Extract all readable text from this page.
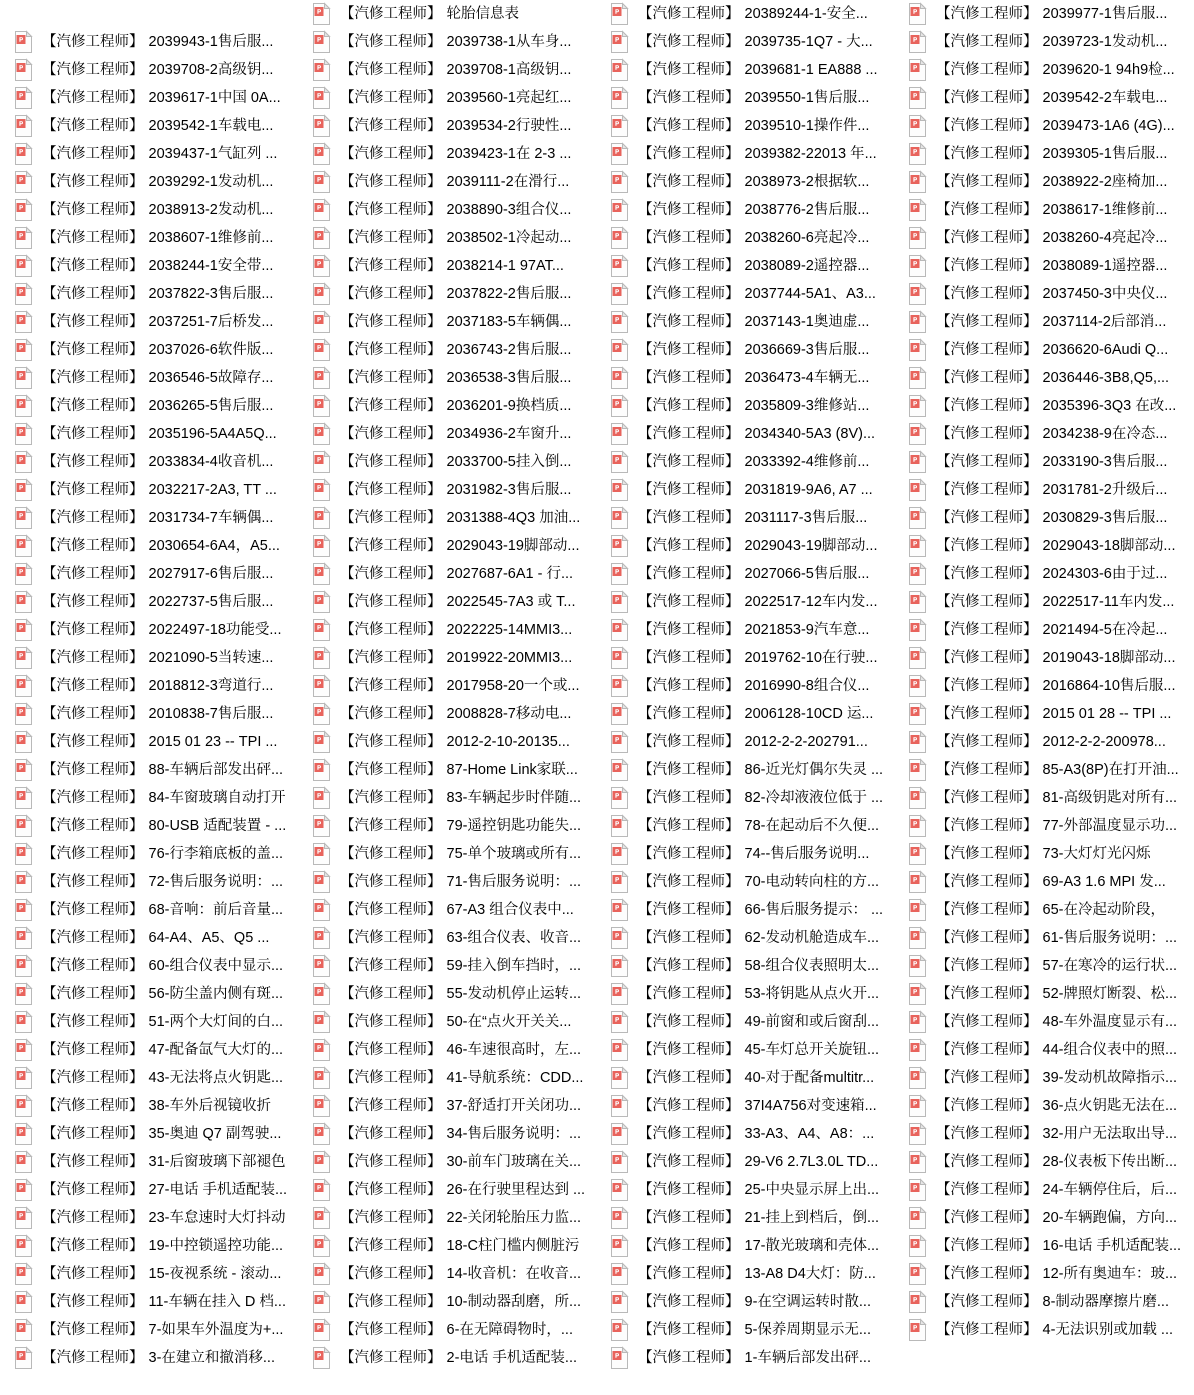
【汽修工程师】 2039943-1售后服...
【汽修工程师】 2039708-2高级钥...
【汽修工程师】 2039617-1中国 0A...
【汽修工程师】 2039542-1车载电...
【汽修工程师】 2039437-1气缸列 ...
【汽修工程师】 2039292-1发动机...
【汽修工程师】 2038913-2发动机...
【汽修工程师】 2038607-1维修前...
【汽修工程师】 2038244-1安全带...
【汽修工程师】 2037822-3售后服...
【汽修工程师】 2037251-7后桥发...
【汽修工程师】 2037026-6软件版...
【汽修工程师】 2036546-5故障存...
【汽修工程师】 2036265-5售后服...
【汽修工程师】 2035196-5A4A5Q...
【汽修工程师】 2033834-4收音机...
【汽修工程师】 2032217-2A3, TT ...
【汽修工程师】 2031734-7车辆偶...
【汽修工程师】 2030654-6A4，A5...
【汽修工程师】 2027917-6售后服...
【汽修工程师】 2022737-5售后服...
【汽修工程师】 2022497-18功能受...
【汽修工程师】 2021090-5当转速...
【汽修工程师】 2018812-3弯道行...
【汽修工程师】 2010838-7售后服...
【汽修工程师】 2015 01 23 -- TPI ...
【汽修工程师】 88-车辆后部发出砰...
【汽修工程师】 84-车窗玻璃自动打开
【汽修工程师】 80-USB 适配装置 - ...
【汽修工程师】 76-行李箱底板的盖...
【汽修工程师】 72-售后服务说明：...
【汽修工程师】 68-音响：前后音量...
【汽修工程师】 64-A4、A5、Q5 ...
【汽修工程师】 60-组合仪表中显示...
【汽修工程师】 56-防尘盖内侧有斑...
【汽修工程师】 51-两个大灯间的白...
【汽修工程师】 47-配备氙气大灯的...
【汽修工程师】 43-无法将点火钥匙...
【汽修工程师】 38-车外后视镜收折
【汽修工程师】 35-奥迪 Q7 副驾驶...
【汽修工程师】 31-后窗玻璃下部褪色
【汽修工程师】 27-电话 手机适配装...
【汽修工程师】 23-车怠速时大灯抖动
【汽修工程师】 19-中控锁遥控功能...
【汽修工程师】 15-夜视系统 - 滚动...
【汽修工程师】 11-车辆在挂入 D 档...
【汽修工程师】 7-如果车外温度为+...
【汽修工程师】 3-在建立和撤消移...
【汽修工程师】 轮胎信息表
【汽修工程师】 2039738-1从车身...
【汽修工程师】 2039708-1高级钥...
【汽修工程师】 2039560-1亮起红...
【汽修工程师】 2039534-2行驶性...
【汽修工程师】 2039423-1在 2-3 ...
【汽修工程师】 2039111-2在滑行...
【汽修工程师】 2038890-3组合仪...
【汽修工程师】 2038502-1冷起动...
【汽修工程师】 2038214-1 97AT...
【汽修工程师】 2037822-2售后服...
【汽修工程师】 2037183-5车辆偶...
【汽修工程师】 2036743-2售后服...
【汽修工程师】 2036538-3售后服...
【汽修工程师】 2036201-9换档质...
【汽修工程师】 2034936-2车窗升...
【汽修工程师】 2033700-5挂入倒...
【汽修工程师】 2031982-3售后服...
【汽修工程师】 2031388-4Q3 加油...
【汽修工程师】 2029043-19脚部动...
【汽修工程师】 2027687-6A1 - 行...
【汽修工程师】 2022545-7A3 或 T...
【汽修工程师】 2022225-14MMI3...
【汽修工程师】 2019922-20MMI3...
【汽修工程师】 2017958-20一个或...
【汽修工程师】 2008828-7移动电...
【汽修工程师】 2012-2-10-20135...
【汽修工程师】 87-Home Link家联...
【汽修工程师】 83-车辆起步时伴随...
【汽修工程师】 79-遥控钥匙功能失...
【汽修工程师】 75-单个玻璃或所有...
【汽修工程师】 71-售后服务说明：...
【汽修工程师】 67-A3 组合仪表中...
【汽修工程师】 63-组合仪表、收音...
【汽修工程师】 59-挂入倒车挡时，...
【汽修工程师】 55-发动机停止运转...
【汽修工程师】 50-在“点火开关关...
【汽修工程师】 46-车速很高时，左...
【汽修工程师】 41-导航系统：CDD...
【汽修工程师】 37-舒适打开关闭功...
【汽修工程师】 34-售后服务说明：...
【汽修工程师】 30-前车门玻璃在关...
【汽修工程师】 26-在行驶里程达到 ...
【汽修工程师】 22-关闭轮胎压力监...
【汽修工程师】 18-C柱门槛内侧脏污
【汽修工程师】 14-收音机：在收音...
【汽修工程师】 10-制动器刮磨，所...
【汽修工程师】 6-在无障碍物时，...
【汽修工程师】 2-电话 手机适配装...
【汽修工程师】 20389244-1-安全...
【汽修工程师】 2039735-1Q7 - 大...
【汽修工程师】 2039681-1 EA888 ...
【汽修工程师】 2039550-1售后服...
【汽修工程师】 2039510-1操作件...
【汽修工程师】 2039382-22013 年...
【汽修工程师】 2038973-2根据软...
【汽修工程师】 2038776-2售后服...
【汽修工程师】 2038260-6亮起冷...
【汽修工程师】 2038089-2遥控器...
【汽修工程师】 2037744-5A1、A3...
【汽修工程师】 2037143-1奥迪虚...
【汽修工程师】 2036669-3售后服...
【汽修工程师】 2036473-4车辆无...
【汽修工程师】 2035809-3维修站...
【汽修工程师】 2034340-5A3 (8V)...
【汽修工程师】 2033392-4维修前...
【汽修工程师】 2031819-9A6, A7 ...
【汽修工程师】 2031117-3售后服...
【汽修工程师】 2029043-19脚部动...
【汽修工程师】 2027066-5售后服...
【汽修工程师】 2022517-12车内发...
【汽修工程师】 2021853-9汽车意...
【汽修工程师】 2019762-10在行驶...
【汽修工程师】 2016990-8组合仪...
【汽修工程师】 2006128-10CD 运...
【汽修工程师】 2012-2-2-202791...
【汽修工程师】 86-近光灯偶尔失灵 ...
【汽修工程师】 82-冷却液液位低于 ...
【汽修工程师】 78-在起动后不久便...
【汽修工程师】 74--售后服务说明...
【汽修工程师】 70-电动转向柱的方...
【汽修工程师】 66-售后服务提示： ...
【汽修工程师】 62-发动机舱造成车...
【汽修工程师】 58-组合仪表照明太...
【汽修工程师】 53-将钥匙从点火开...
【汽修工程师】 49-前窗和或后窗刮...
【汽修工程师】 45-车灯总开关旋钮...
【汽修工程师】 40-对于配备multitr...
【汽修工程师】 37I4A756对变速箱...
【汽修工程师】 33-A3、A4、A8：...
【汽修工程师】 29-V6 2.7L3.0L TD...
【汽修工程师】 25-中央显示屏上出...
【汽修工程师】 21-挂上到档后，倒...
【汽修工程师】 17-散光玻璃和壳体...
【汽修工程师】 13-A8 D4大灯：防...
【汽修工程师】 9-在空调运转时散...
【汽修工程师】 5-保养周期显示无...
【汽修工程师】 1-车辆后部发出砰...
【汽修工程师】 2039977-1售后服...
【汽修工程师】 2039723-1发动机...
【汽修工程师】 2039620-1 94h9检...
【汽修工程师】 2039542-2车载电...
【汽修工程师】 2039473-1A6 (4G)...
【汽修工程师】 2039305-1售后服...
【汽修工程师】 2038922-2座椅加...
【汽修工程师】 2038617-1维修前...
【汽修工程师】 2038260-4亮起冷...
【汽修工程师】 2038089-1遥控器...
【汽修工程师】 2037450-3中央仪...
【汽修工程师】 2037114-2后部消...
【汽修工程师】 2036620-6Audi Q...
【汽修工程师】 2036446-3B8,Q5,...
【汽修工程师】 2035396-3Q3 在改...
【汽修工程师】 2034238-9在冷态...
【汽修工程师】 2033190-3售后服...
【汽修工程师】 2031781-2升级后...
【汽修工程师】 2030829-3售后服...
【汽修工程师】 2029043-18脚部动...
【汽修工程师】 2024303-6由于过...
【汽修工程师】 2022517-11车内发...
【汽修工程师】 2021494-5在冷起...
【汽修工程师】 2019043-18脚部动...
【汽修工程师】 2016864-10售后服...
【汽修工程师】 2015 01 28 -- TPI ...
【汽修工程师】 2012-2-2-200978...
【汽修工程师】 85-A3(8P)在打开油...
【汽修工程师】 81-高级钥匙对所有...
【汽修工程师】 77-外部温度显示功...
【汽修工程师】 73-大灯灯光闪烁
【汽修工程师】 69-A3 1.6 MPI 发...
【汽修工程师】 65-在冷起动阶段，
【汽修工程师】 61-售后服务说明：...
【汽修工程师】 57-在寒冷的运行状...
【汽修工程师】 52-牌照灯断裂、松...
【汽修工程师】 48-车外温度显示有...
【汽修工程师】 44-组合仪表中的照...
【汽修工程师】 39-发动机故障指示...
【汽修工程师】 36-点火钥匙无法在...
【汽修工程师】 32-用户无法取出导...
【汽修工程师】 28-仪表板下传出断...
【汽修工程师】 24-车辆停住后，后...
【汽修工程师】 20-车辆跑偏，方向...
【汽修工程师】 16-电话 手机适配装...
【汽修工程师】 12-所有奥迪车：玻...
【汽修工程师】 8-制动器摩擦片磨...
【汽修工程师】 4-无法识别或加载 ...
